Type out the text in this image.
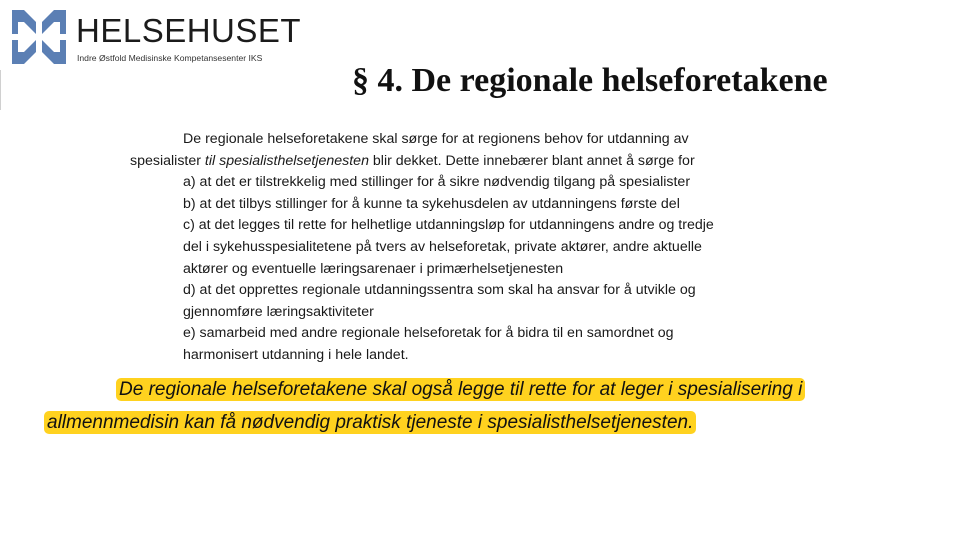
HELSEHUSET
Indre Østfold Medisinske Kompetansesenter IKS
§ 4. De regionale helseforetakene
De regionale helseforetakene skal sørge for at regionens behov for utdanning av
spesialister til spesialisthelsetjenesten blir dekket. Dette innebærer blant annet å sørge for
a) at det er tilstrekkelig med stillinger for å sikre nødvendig tilgang på spesialister
b) at det tilbys stillinger for å kunne ta sykehusdelen av utdanningens første del
c) at det legges til rette for helhetlige utdanningsløp for utdanningens andre og tredje
del i sykehusspesialitetene på tvers av helseforetak, private aktører, andre aktuelle
aktører og eventuelle læringsarenaer i primærhelsetjenesten
d) at det opprettes regionale utdanningssentra som skal ha ansvar for å utvikle og
gjennomføre læringsaktiviteter
e) samarbeid med andre regionale helseforetak for å bidra til en samordnet og
harmonisert utdanning i hele landet.
De regionale helseforetakene skal også legge til rette for at leger i spesialisering i
allmennmedisin kan få nødvendig praktisk tjeneste i spesialisthelsetjenesten.
